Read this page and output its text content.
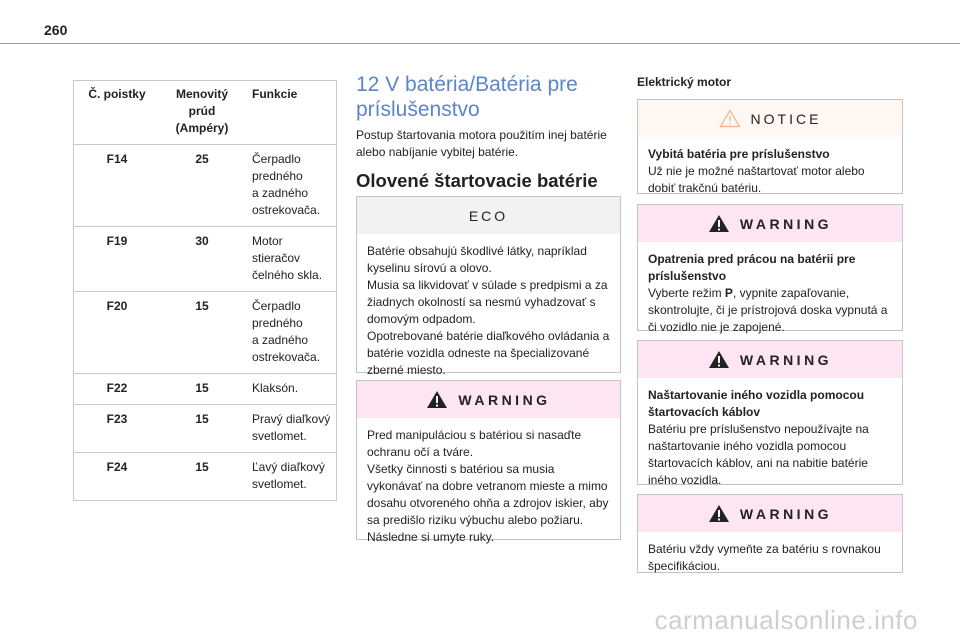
260
Č. poistky	Menovitý
prúd
(Ampéry)	Funkcie
F14	25	Čerpadlo
predného
a zadného
ostrekovača.
F19	30	Motor stieračov
čelného skla.
F20	15	Čerpadlo
predného
a zadného
ostrekovača.
F22	15	Klaksón.
F23	15	Pravý diaľkový
svetlomet.
F24	15	Ľavý diaľkový
svetlomet.
12 V batéria/Batéria pre príslušenstvo

Postup štartovania motora použitím inej batérie alebo nabíjanie vybitej batérie.

Olovené štartovacie batérie
ECO
Batérie obsahujú škodlivé látky, napríklad kyselinu sírovú a olovo.
Musia sa likvidovať v súlade s predpismi a za žiadnych okolností sa nesmú vyhadzovať s domovým odpadom.
Opotrebované batérie diaľkového ovládania a batérie vozidla odneste na špecializované zberné miesto.
WARNING
Pred manipuláciou s batériou si nasaďte ochranu očí a tváre.
Všetky činnosti s batériou sa musia vykonávať na dobre vetranom mieste a mimo dosahu otvoreného ohňa a zdrojov iskier, aby sa predišlo riziku výbuchu alebo požiaru.
Následne si umyte ruky.
Elektrický motor
NOTICE
Vybitá batéria pre príslušenstvo
Už nie je možné naštartovať motor alebo dobiť trakčnú batériu.
WARNING
Opatrenia pred prácou na batérii pre príslušenstvo
Vyberte režim P, vypnite zapaľovanie, skontrolujte, či je prístrojová doska vypnutá a či vozidlo nie je zapojené.
WARNING
Naštartovanie iného vozidla pomocou štartovacích káblov
Batériu pre príslušenstvo nepoužívajte na naštartovanie iného vozidla pomocou štartovacích káblov, ani na nabitie batérie iného vozidla.
WARNING
Batériu vždy vymeňte za batériu s rovnakou špecifikáciou.
carmanualsonline.info
